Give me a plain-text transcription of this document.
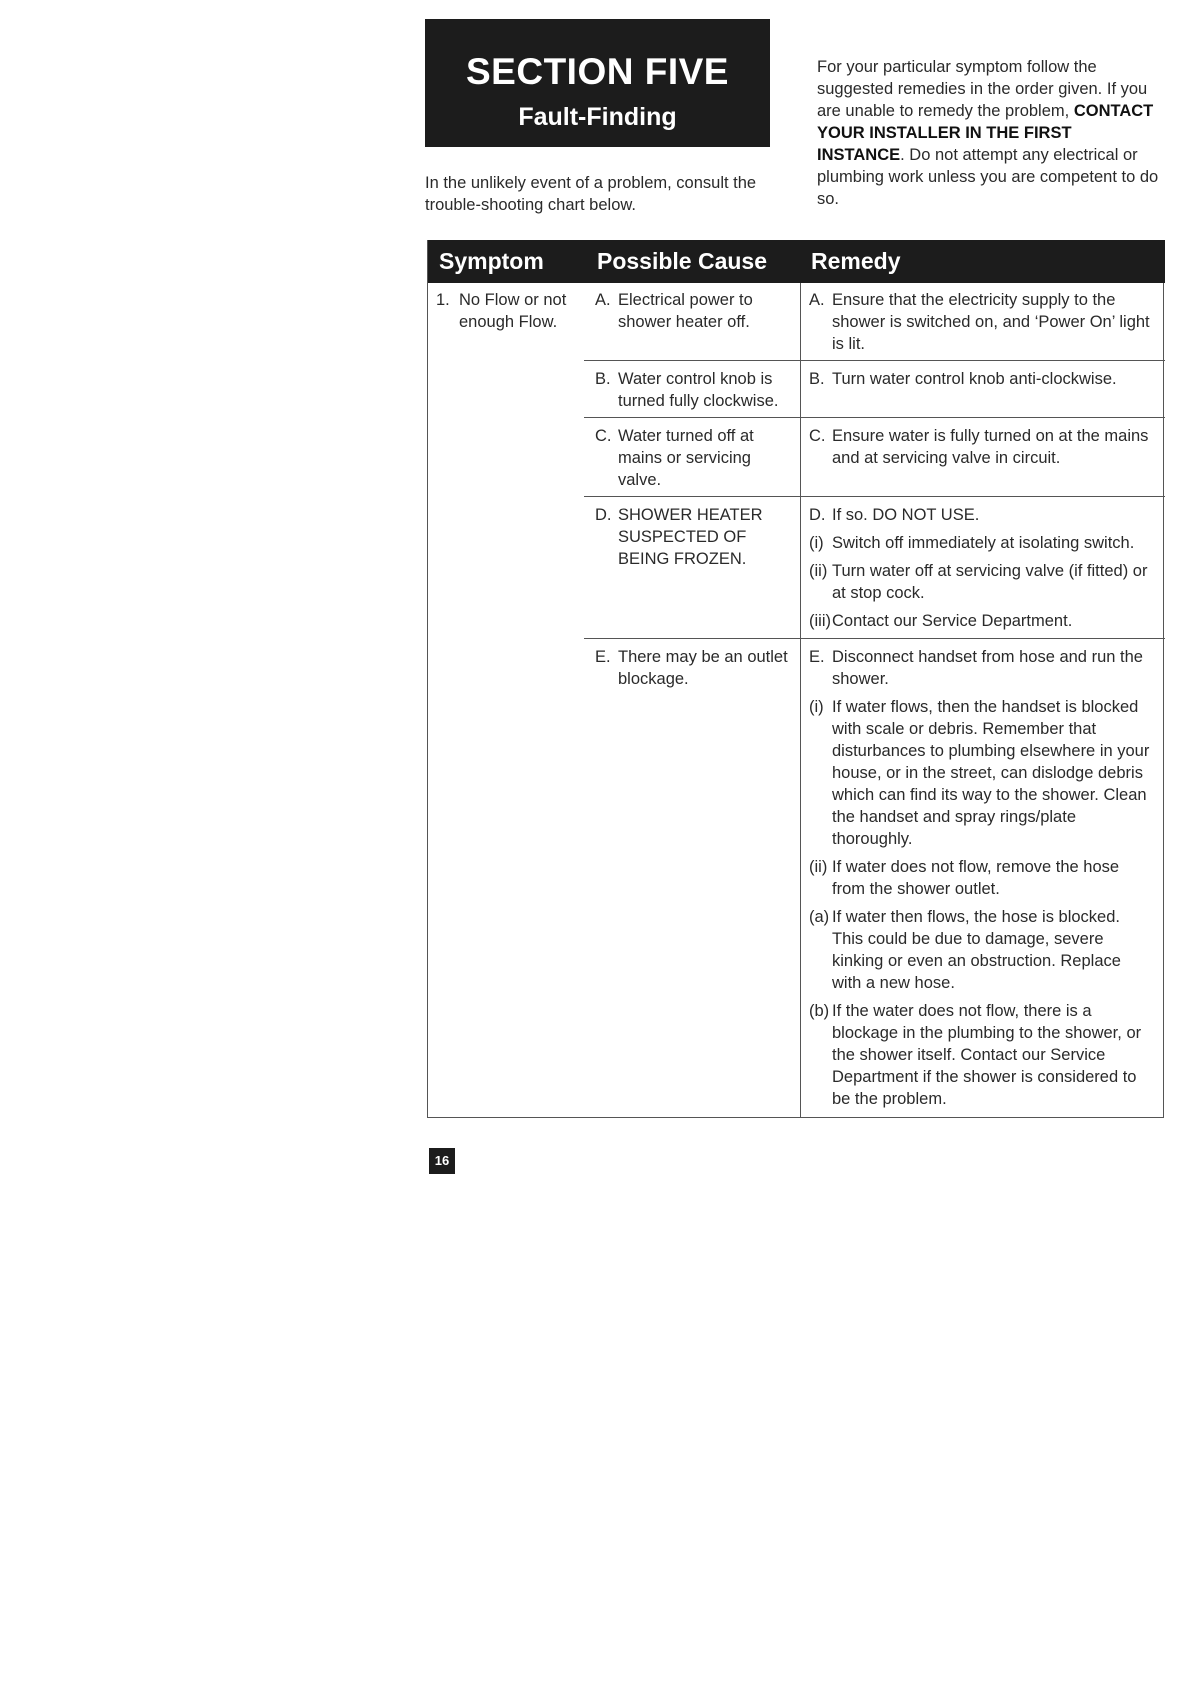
SECTION FIVE
Fault-Finding
In the unlikely event of a problem, consult the trouble-shooting chart below.
For your particular symptom follow the suggested remedies in the order given. If you are unable to remedy the problem, CONTACT YOUR INSTALLER IN THE FIRST INSTANCE. Do not attempt any electrical or plumbing work unless you are competent to do so.
Symptom Possible Cause Remedy
1. No Flow or not enough Flow.
A. Electrical power to shower heater off.
B. Water control knob is turned fully clockwise.
C. Water turned off at mains or servicing valve.
D. SHOWER HEATER SUSPECTED OF BEING FROZEN.
E. There may be an outlet blockage.
A. Ensure that the electricity supply to the shower is switched on, and ‘Power On’ light is lit.
B. Turn water control knob anti-clockwise.
C. Ensure water is fully turned on at the mains and at servicing valve in circuit.
D. If so. DO NOT USE.
(i) Switch off immediately at isolating switch.
(ii) Turn water off at servicing valve (if fitted) or at stop cock.
(iii) Contact our Service Department.
E. Disconnect handset from hose and run the shower.
(i) If water flows, then the handset is blocked with scale or debris. Remember that disturbances to plumbing elsewhere in your house, or in the street, can dislodge debris which can find its way to the shower. Clean the handset and spray rings/plate thoroughly.
(ii) If water does not flow, remove the hose from the shower outlet.
(a) If water then flows, the hose is blocked. This could be due to damage, severe kinking or even an obstruction. Replace with a new hose.
(b) If the water does not flow, there is a blockage in the plumbing to the shower, or the shower itself. Contact our Service Department if the shower is considered to be the problem.
16
